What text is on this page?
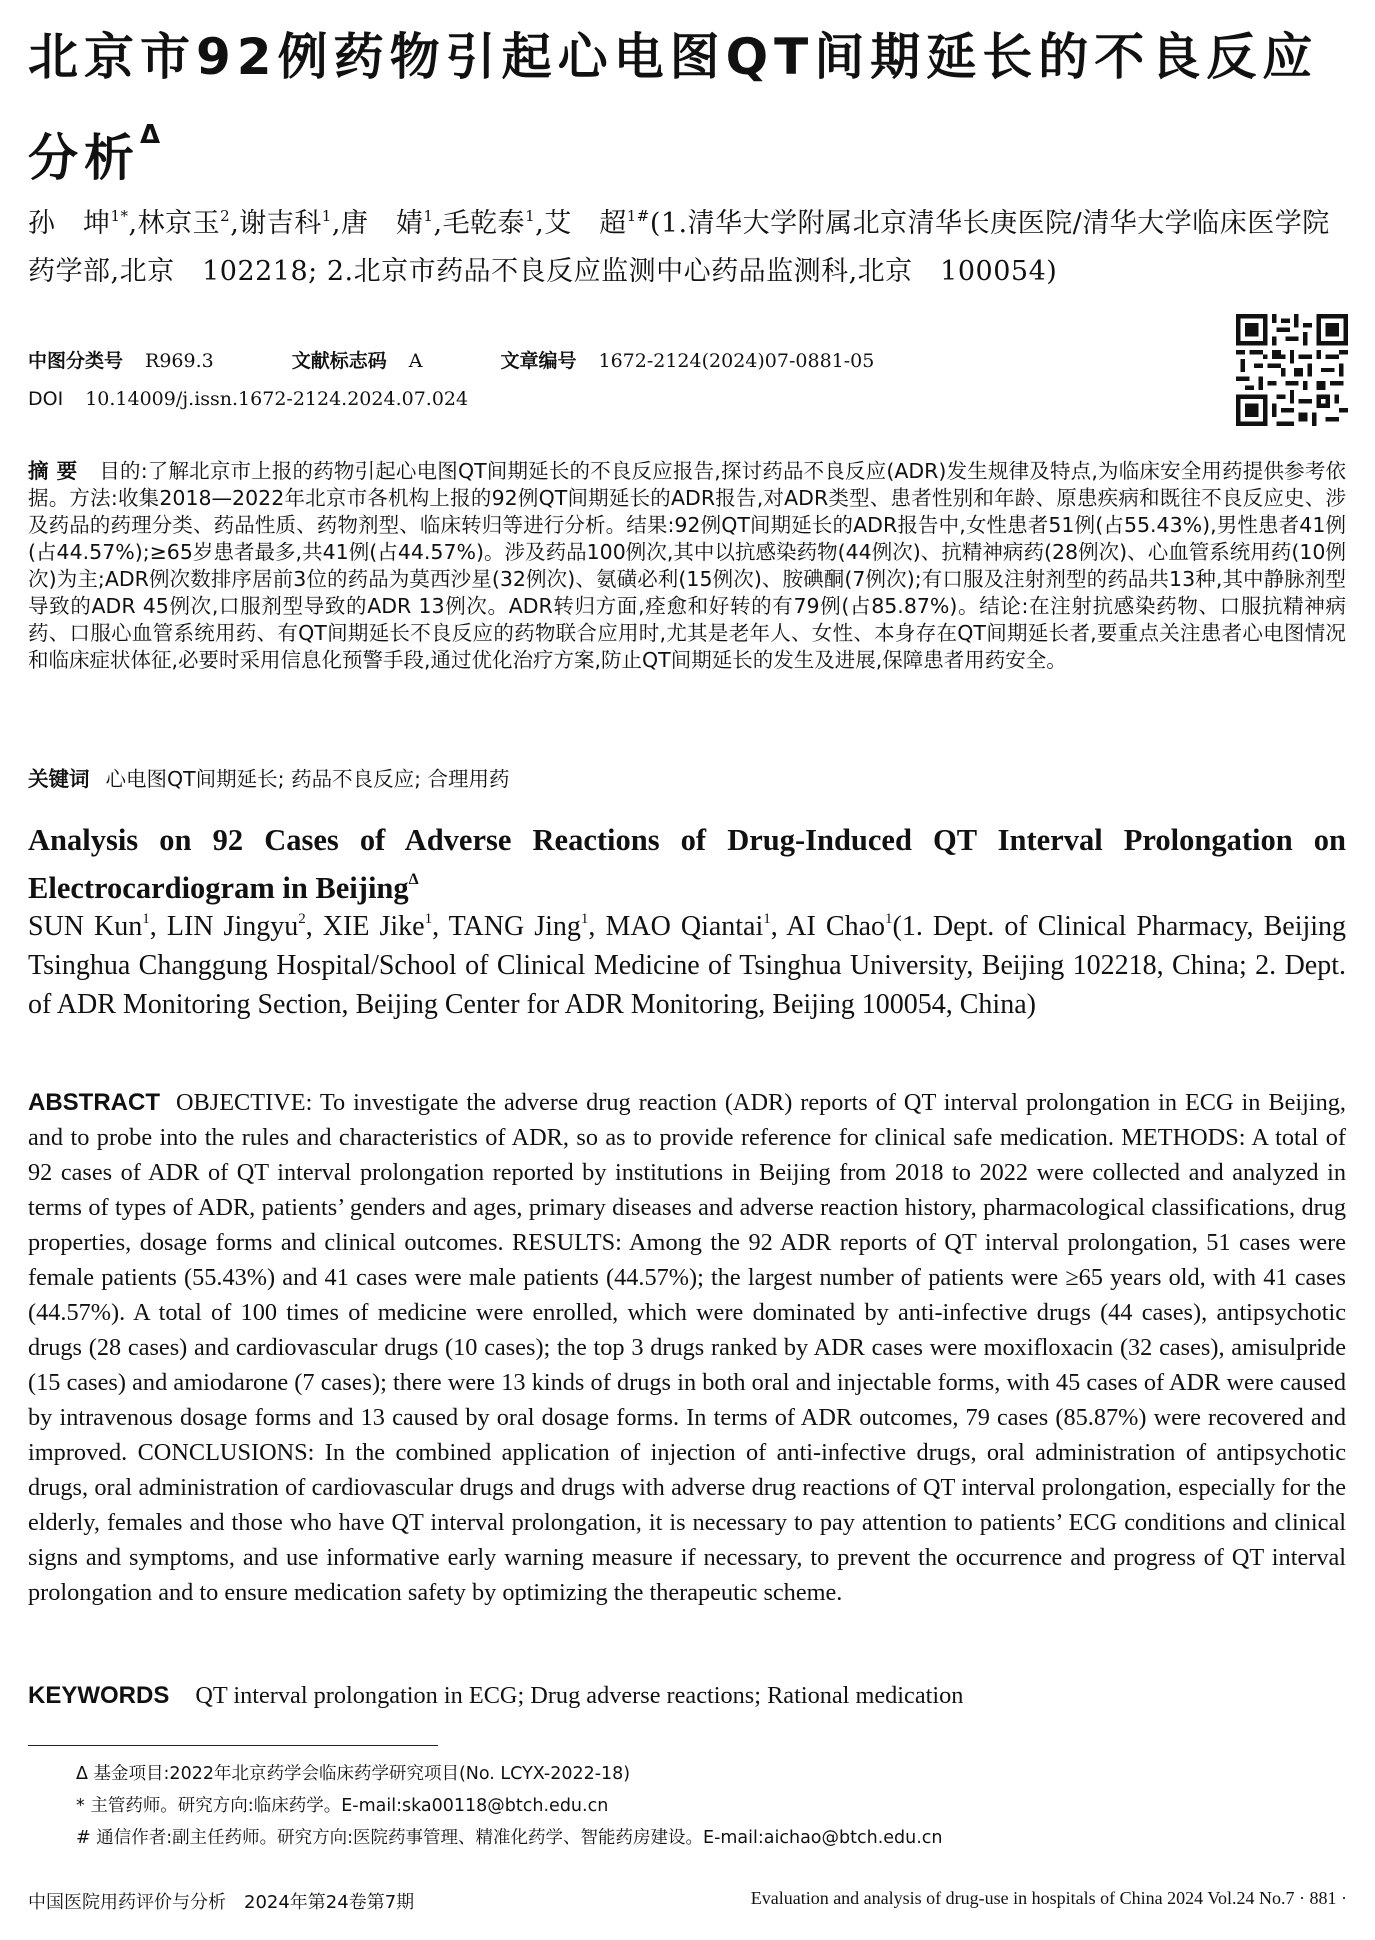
北京市92例药物引起心电图QT间期延长的不良反应分析$^\Delta$
孙　坤$^{1*}$,林京玉$^2$,谢吉科$^1$,唐　婧$^1$,毛乾泰$^1$,艾　超$^{1\#}$(1.清华大学附属北京清华长庚医院/清华大学临床医学院药学部,北京　102218; 2.北京市药品不良反应监测中心药品监测科,北京　100054)
中图分类号 R969.3	文献标志码 A	文章编号 1672-2124(2024)07-0881-05
DOI 10.14009/j.issn.1672-2124.2024.07.024
摘要 目的:了解北京市上报的药物引起心电图QT间期延长的不良反应报告,探讨药品不良反应(ADR)发生规律及特点,为临床安全用药提供参考依据。方法:收集2018—2022年北京市各机构上报的92例QT间期延长的ADR报告,对ADR类型、患者性别和年龄、原患疾病和既往不良反应史、涉及药品的药理分类、药品性质、药物剂型、临床转归等进行分析。结果:92例QT间期延长的ADR报告中,女性患者51例(占55.43%),男性患者41例(占44.57%);≥65岁患者最多,共41例(占44.57%)。涉及药品100例次,其中以抗感染药物(44例次)、抗精神病药(28例次)、心血管系统用药(10例次)为主;ADR例次数排序居前3位的药品为莫西沙星(32例次)、氨磺必利(15例次)、胺碘酮(7例次);有口服及注射剂型的药品共13种,其中静脉剂型导致的ADR 45例次,口服剂型导致的ADR 13例次。ADR转归方面,痊愈和好转的有79例(占85.87%)。结论:在注射抗感染药物、口服抗精神病药、口服心血管系统用药、有QT间期延长不良反应的药物联合应用时,尤其是老年人、女性、本身存在QT间期延长者,要重点关注患者心电图情况和临床症状体征,必要时采用信息化预警手段,通过优化治疗方案,防止QT间期延长的发生及进展,保障患者用药安全。
关键词 心电图QT间期延长; 药品不良反应; 合理用药
Analysis on 92 Cases of Adverse Reactions of Drug-Induced QT Interval Prolongation on Electrocardiogram in Beijing$^\Delta$
SUN Kun$^1$, LIN Jingyu$^2$, XIE Jike$^1$, TANG Jing$^1$, MAO Qiantai$^1$, AI Chao$^1$(1. Dept. of Clinical Pharmacy, Beijing Tsinghua Changgung Hospital/School of Clinical Medicine of Tsinghua University, Beijing 102218, China; 2. Dept. of ADR Monitoring Section, Beijing Center for ADR Monitoring, Beijing 100054, China)
ABSTRACT OBJECTIVE: To investigate the adverse drug reaction (ADR) reports of QT interval prolongation in ECG in Beijing, and to probe into the rules and characteristics of ADR, so as to provide reference for clinical safe medication. METHODS: A total of 92 cases of ADR of QT interval prolongation reported by institutions in Beijing from 2018 to 2022 were collected and analyzed in terms of types of ADR, patients’ genders and ages, primary diseases and adverse reaction history, pharmacological classifications, drug properties, dosage forms and clinical outcomes. RESULTS: Among the 92 ADR reports of QT interval prolongation, 51 cases were female patients (55.43%) and 41 cases were male patients (44.57%); the largest number of patients were ≥65 years old, with 41 cases (44.57%). A total of 100 times of medicine were enrolled, which were dominated by anti-infective drugs (44 cases), antipsychotic drugs (28 cases) and cardiovascular drugs (10 cases); the top 3 drugs ranked by ADR cases were moxifloxacin (32 cases), amisulpride (15 cases) and amiodarone (7 cases); there were 13 kinds of drugs in both oral and injectable forms, with 45 cases of ADR were caused by intravenous dosage forms and 13 caused by oral dosage forms. In terms of ADR outcomes, 79 cases (85.87%) were recovered and improved. CONCLUSIONS: In the combined application of injection of anti-infective drugs, oral administration of antipsychotic drugs, oral administration of cardiovascular drugs and drugs with adverse drug reactions of QT interval prolongation, especially for the elderly, females and those who have QT interval prolongation, it is necessary to pay attention to patients’ ECG conditions and clinical signs and symptoms, and use informative early warning measure if necessary, to prevent the occurrence and progress of QT interval prolongation and to ensure medication safety by optimizing the therapeutic scheme.
KEYWORDS QT interval prolongation in ECG; Drug adverse reactions; Rational medication
Δ 基金项目:2022年北京药学会临床药学研究项目(No. LCYX-2022-18)
* 主管药师。研究方向:临床药学。E-mail:ska00118@btch.edu.cn
# 通信作者:副主任药师。研究方向:医院药事管理、精准化药学、智能药房建设。E-mail:aichao@btch.edu.cn
中国医院用药评价与分析　2024年第24卷第7期	Evaluation and analysis of drug-use in hospitals of China 2024 Vol.24 No.7 · 881 ·
